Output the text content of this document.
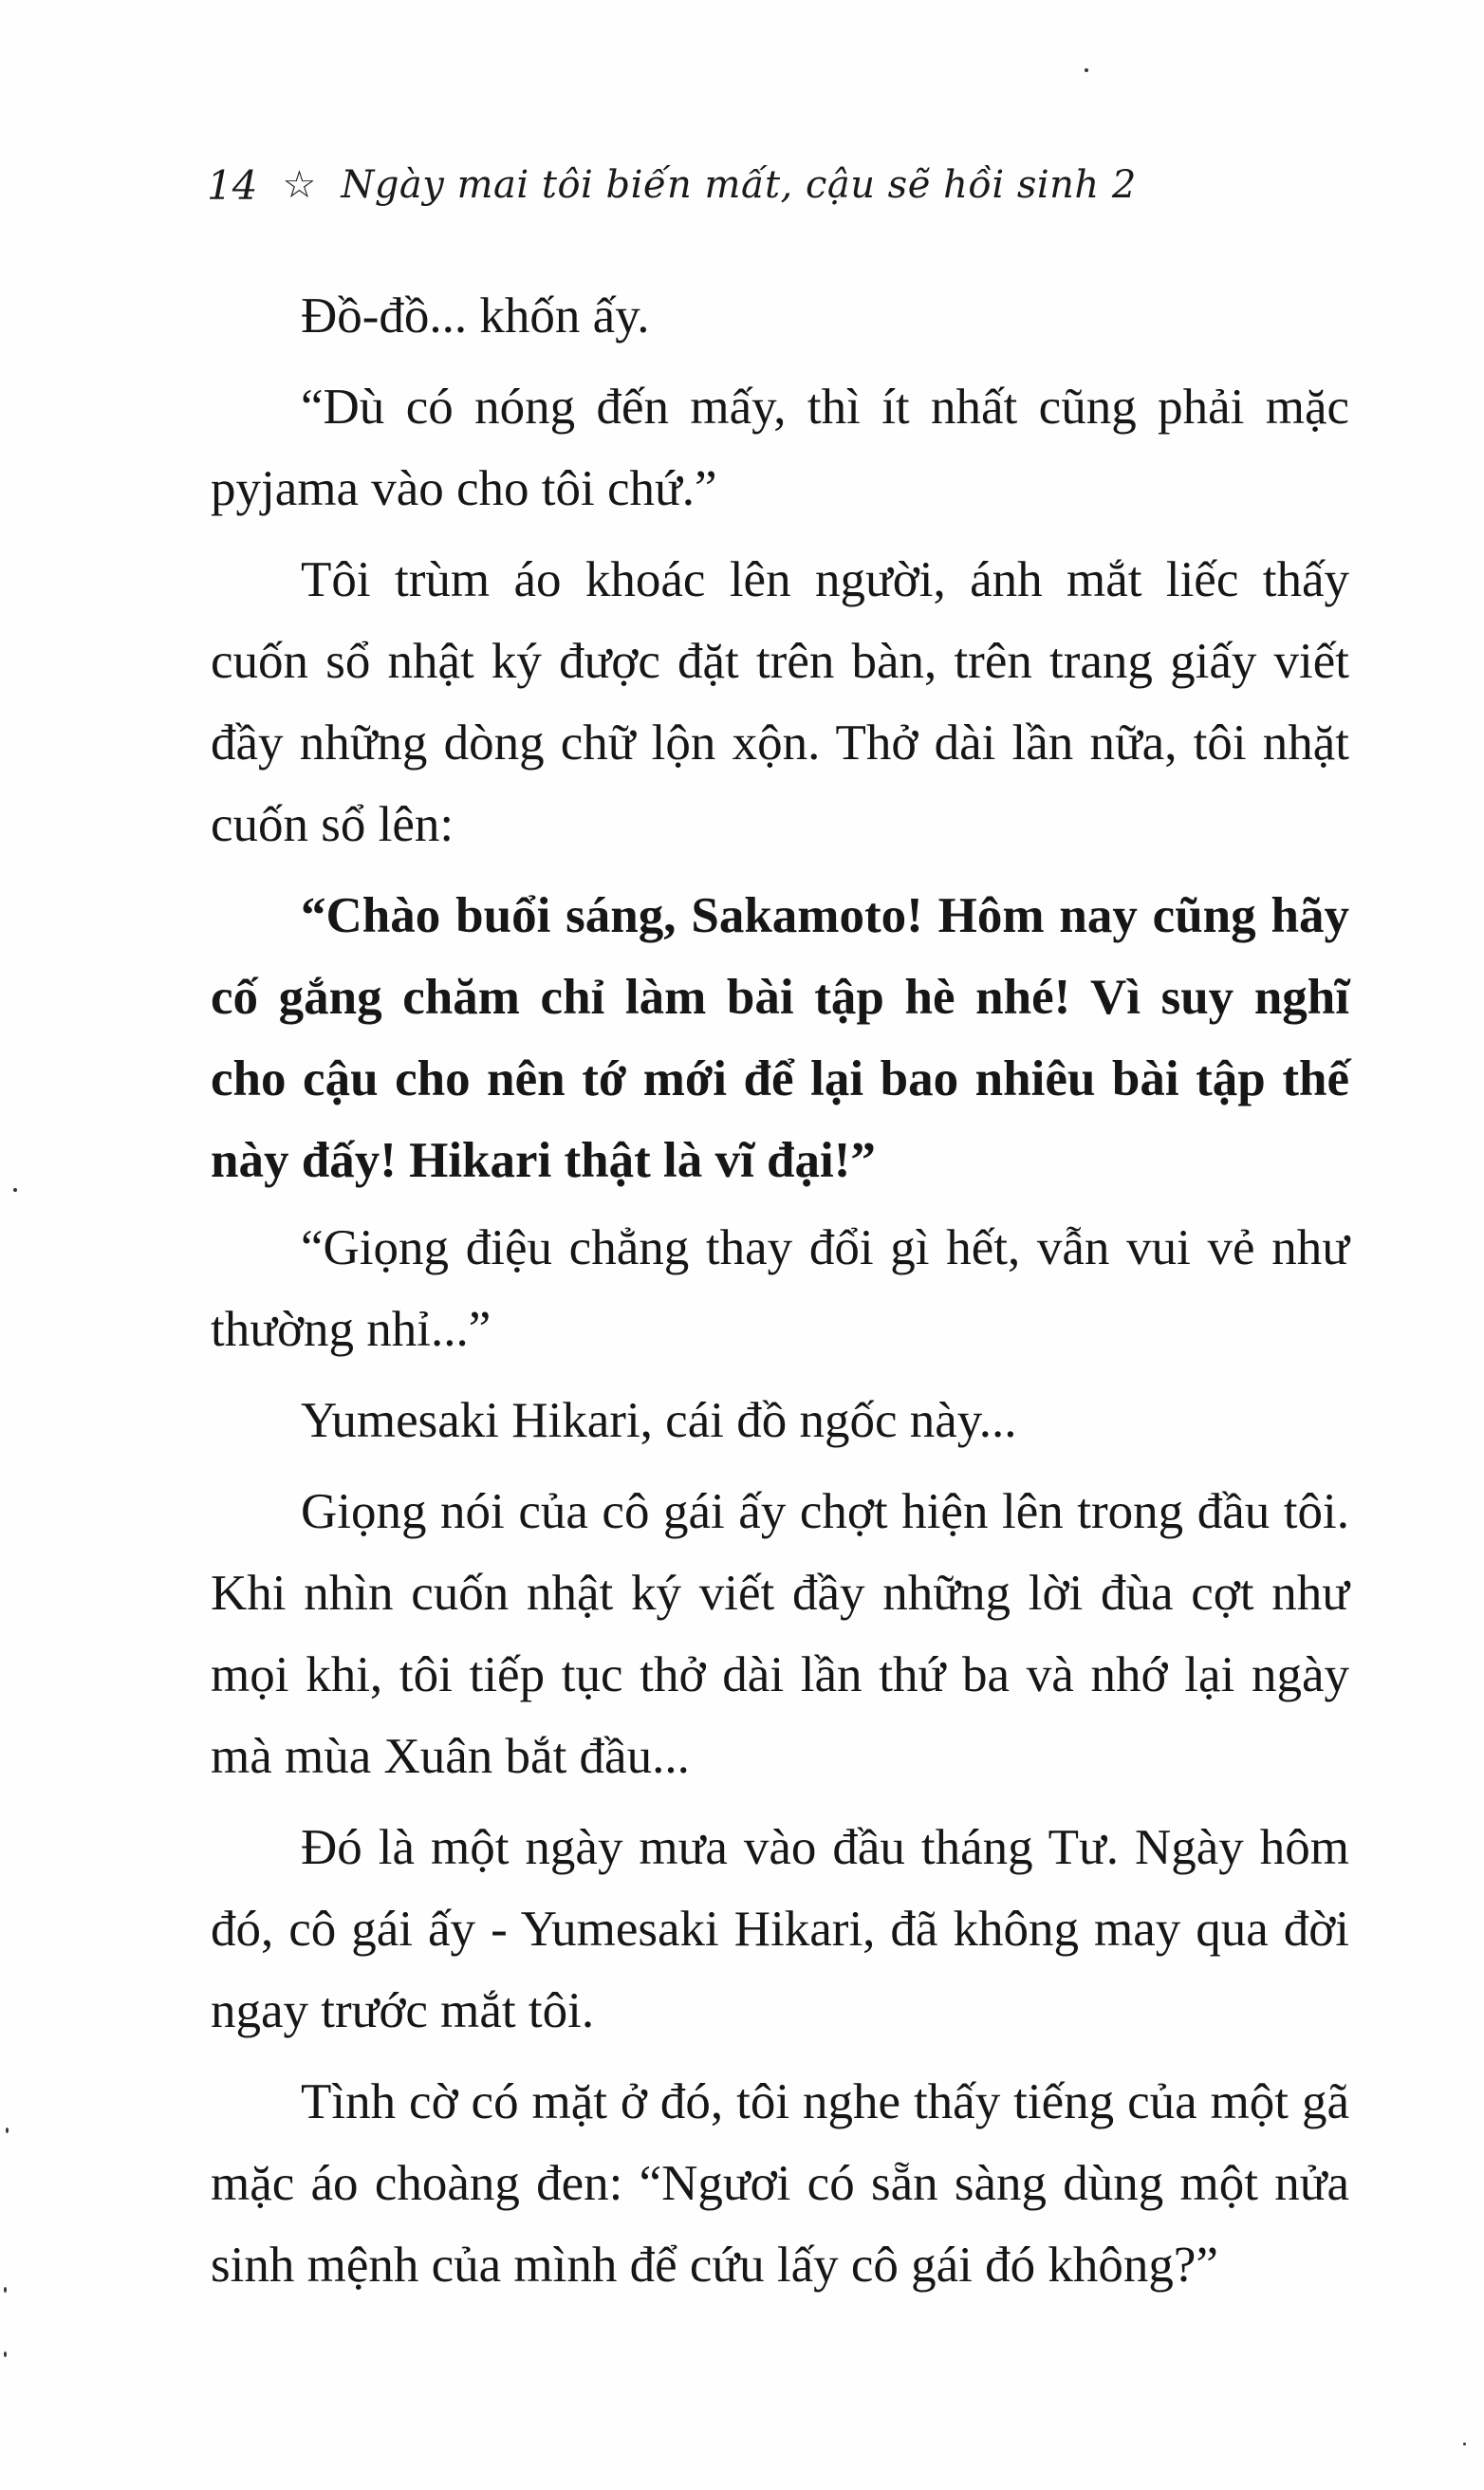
14 ☆ Ngày mai tôi biến mất, cậu sẽ hồi sinh 2

Đồ-đồ... khốn ấy.

“Dù có nóng đến mấy, thì ít nhất cũng phải mặc pyjama vào cho tôi chứ.”

Tôi trùm áo khoác lên người, ánh mắt liếc thấy cuốn sổ nhật ký được đặt trên bàn, trên trang giấy viết đầy những dòng chữ lộn xộn. Thở dài lần nữa, tôi nhặt cuốn sổ lên:

“Chào buổi sáng, Sakamoto! Hôm nay cũng hãy cố gắng chăm chỉ làm bài tập hè nhé! Vì suy nghĩ cho cậu cho nên tớ mới để lại bao nhiêu bài tập thế này đấy! Hikari thật là vĩ đại!”

“Giọng điệu chẳng thay đổi gì hết, vẫn vui vẻ như thường nhỉ...”

Yumesaki Hikari, cái đồ ngốc này...

Giọng nói của cô gái ấy chợt hiện lên trong đầu tôi. Khi nhìn cuốn nhật ký viết đầy những lời đùa cợt như mọi khi, tôi tiếp tục thở dài lần thứ ba và nhớ lại ngày mà mùa Xuân bắt đầu...

Đó là một ngày mưa vào đầu tháng Tư. Ngày hôm đó, cô gái ấy - Yumesaki Hikari, đã không may qua đời ngay trước mắt tôi.

Tình cờ có mặt ở đó, tôi nghe thấy tiếng của một gã mặc áo choàng đen: “Ngươi có sẵn sàng dùng một nửa sinh mệnh của mình để cứu lấy cô gái đó không?”
